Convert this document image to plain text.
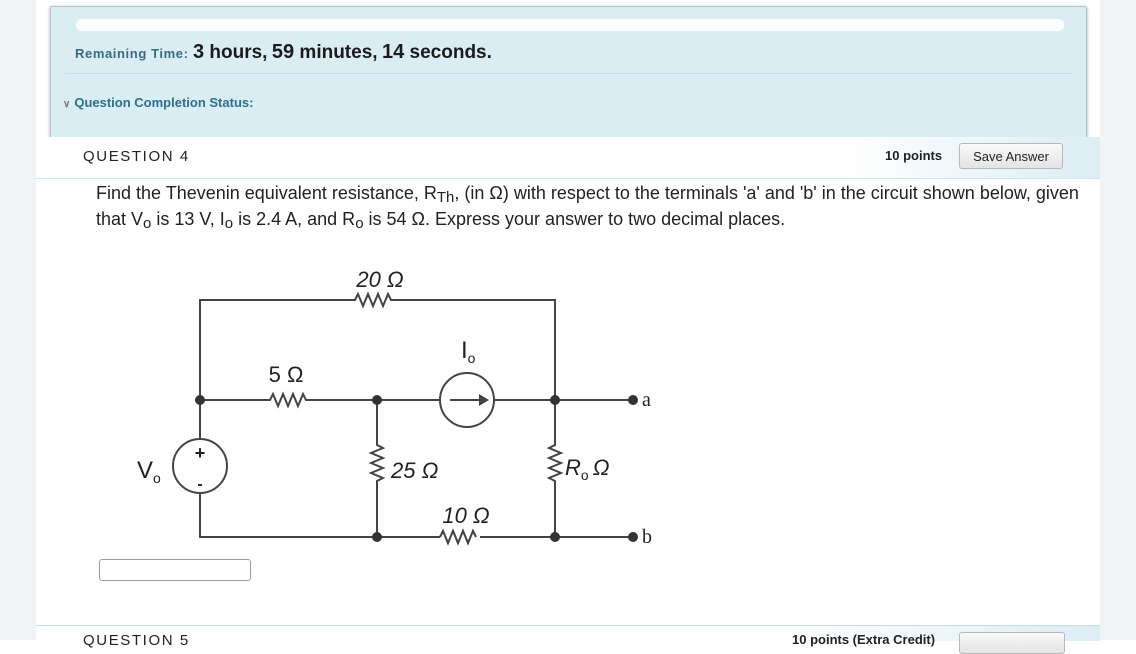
Remaining Time: 3 hours, 59 minutes, 14 seconds.
∨ Question Completion Status:
QUESTION 4	10 points	Save Answer
Find the Thevenin equivalent resistance, $R_{Th}$, (in Ω) with respect to the terminals 'a' and 'b' in the circuit shown below, given that $V_o$ is 13 V, $I_o$ is 2.4 A, and $R_o$ is 54 Ω. Express your answer to two decimal places.
+
-
20 Ω
5 Ω
$I_o$
$V_o$	25 Ω
10 Ω
$R_o$ Ω
a
b
QUESTION 5	10 points (Extra Credit)
